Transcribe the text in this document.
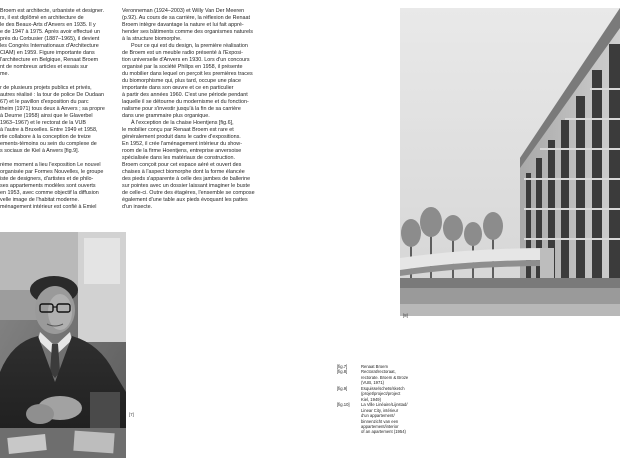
Broem est architecte, urbaniste et designer.

rs, il est diplômé en architecture de

le des Beaux-Arts d'Anvers en 1935. Il y

e de 1947 à 1975. Après avoir effectué un

près du Corbusier (1887–1965), il devient

les Congrès Internationaux d'Architecture

CIAM) en 1959. Figure importante dans

l'architecture en Belgique, Renaat Broem

nt de nombreux articles et essais sur

me.

r de plusieurs projets publics et privés,

autres réalisé : la tour de police De Oudaan

67) et le pavillon d'exposition du parc

theim (1971) tous deux à Anvers ; sa propre

à Deurne (1958) ainsi que le Glaverbel

1963–1967) et le rectorat de la VUB

à l'autre à Bruxelles. Entre 1949 et 1958,

rtie collabore à la conception de treize

ements-témoins ou sein du complexe de

s sociaux de Kiel à Anvers [fig.9].

rème moment a lieu l'exposition Le nouvel

organisée par Formes Nouvelles, le groupe

iste de designers, d'artistes et de philo-

ses appartements modèles sont ouverts

en 1953, avec comme objectif la diffusion

velle image de l'habitat moderne.

ménagement intérieur est confié à Emiel

Veronneman (1924–2003) et Willy Van Der Meeren

(p.92). Au cours de sa carrière, la réflexion de Renaat

Broem intègre davantage la nature et lui fait appré-

hender ses bâtiments comme des organismes naturels

à la structure biomorphe.

Pour ce qui est du design, la première réalisation

de Broem est un meuble radio présenté à l'Exposi-

tion universelle d'Anvers en 1930. Lors d'un concours

organisé par la société Philips en 1958, il présente

du mobilier dans lequel on perçoit les premières traces

du biomorphisme qui, plus tard, occupe une place

importante dans son œuvre et ce en particulier

à partir des années 1960. C'est une période pendant

laquelle il se détourne du modernisme et du fonction-

nalisme pour s'investir jusqu'à la fin de sa carrière

dans une grammaire plus organique.

À l'exception de la chaise Hoentjens [fig.6],

le mobilier conçu par Renaat Broem est rare et

généralement produit dans le cadre d'expositions.

En 1952, il crée l'aménagement intérieur du show-

room de la firme Hoentjens, entreprise anversoise

spécialisée dans les matériaux de construction.

Broem conçoit pour cet espace aéré et ouvert des

chaises à l'aspect biomorphe dont la forme élancée

des pieds s'apparente à celle des jambes de ballerine

sur pointes avec un dossier laissant imaginer le buste

de celle-ci. Outre des étagères, l'ensemble se compose

également d'une table aux pieds évoquant les pattes

d'un insecte.

[7]
[8]
[fig.7]	Renaat Broem
[fig.8]	Rectorat/rectoraat,
rectorate. Broem & Broze
(VUB, 1971)
[fig.9]	Esquisse/schets/sketch
(projet/project/project
Kiel, 1949)
[fig.10]	La Ville Linéaire/Lijnstad/
Linear City, intérieur
d'un appartement/
binnenzicht van een
appartement/interior
of an apartement (1954)
